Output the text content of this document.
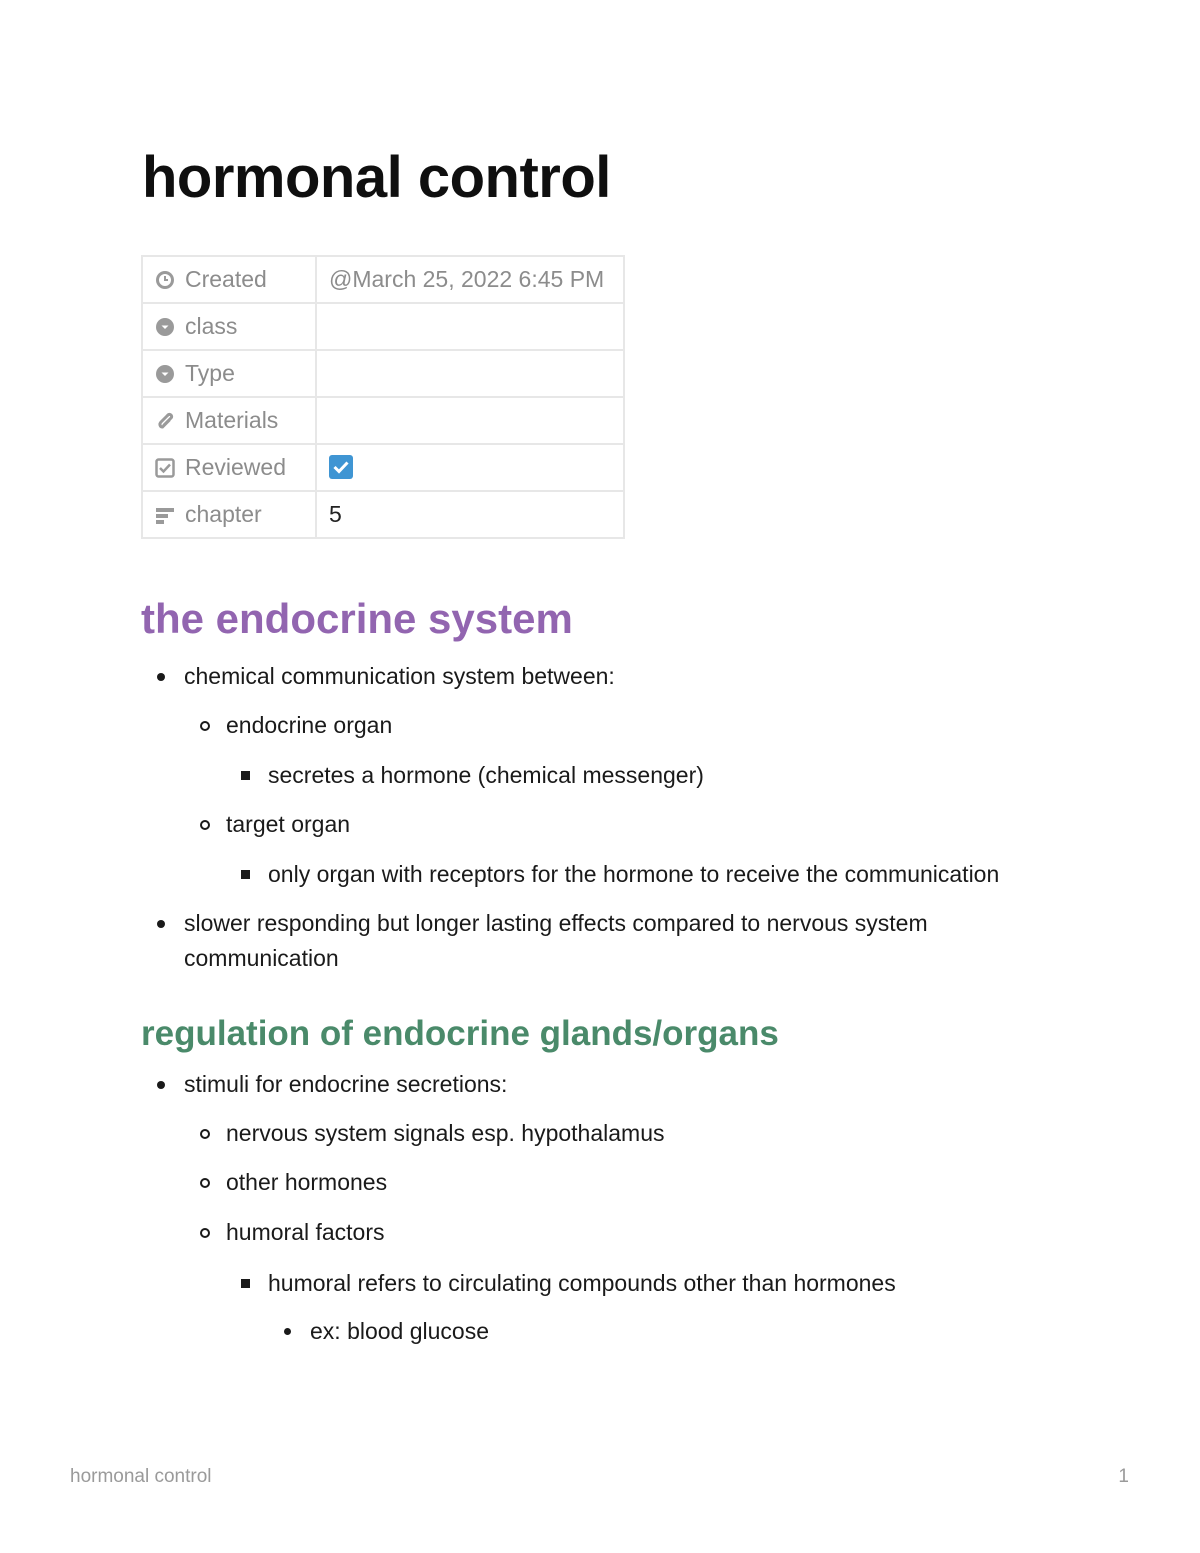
hormonal control
Created	@March 25, 2022 6:45 PM
class	
Type	
Materials	
Reviewed	

chapter	5
the endocrine system
chemical communication system between:
endocrine organ
secretes a hormone (chemical messenger)
target organ
only organ with receptors for the hormone to receive the communication
slower responding but longer lasting effects compared to nervous system
communication
regulation of endocrine glands/organs
stimuli for endocrine secretions:
nervous system signals esp. hypothalamus
other hormones
humoral factors
humoral refers to circulating compounds other than hormones
ex: blood glucose
hormonal control	1
